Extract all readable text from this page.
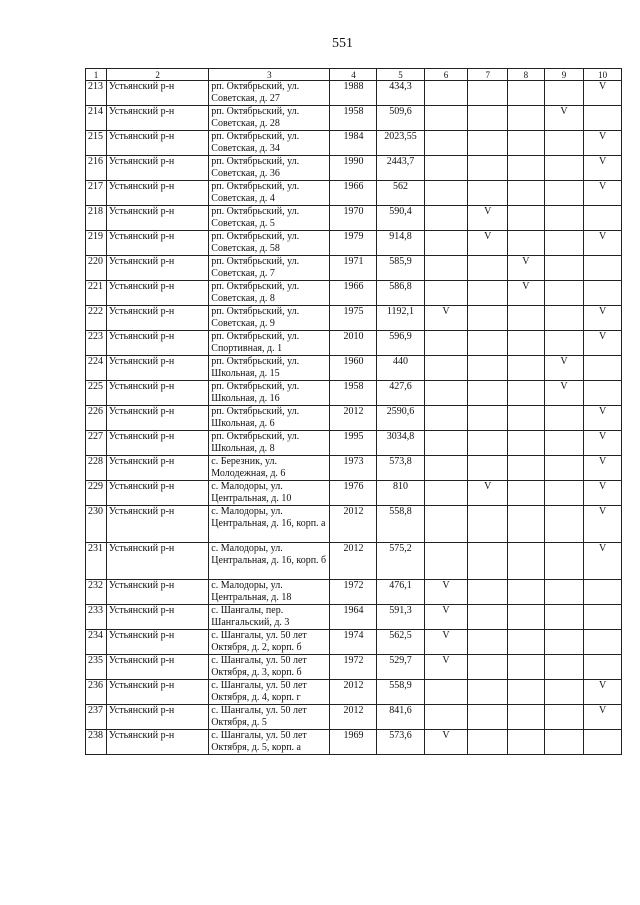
551
1	2	3	4	5	6	7	8	9	10
213	Устьянский р-н	рп. Октябрьский, ул. Советская, д. 27	1988	434,3					V
214	Устьянский р-н	рп. Октябрьский, ул. Советская, д. 28	1958	509,6				V	
215	Устьянский р-н	рп. Октябрьский, ул. Советская, д. 34	1984	2023,55					V
216	Устьянский р-н	рп. Октябрьский, ул. Советская, д. 36	1990	2443,7					V
217	Устьянский р-н	рп. Октябрьский, ул. Советская, д. 4	1966	562					V
218	Устьянский р-н	рп. Октябрьский, ул. Советская, д. 5	1970	590,4		V			
219	Устьянский р-н	рп. Октябрьский, ул. Советская, д. 58	1979	914,8		V			V
220	Устьянский р-н	рп. Октябрьский, ул. Советская, д. 7	1971	585,9			V		
221	Устьянский р-н	рп. Октябрьский, ул. Советская, д. 8	1966	586,8			V		
222	Устьянский р-н	рп. Октябрьский, ул. Советская, д. 9	1975	1192,1	V				V
223	Устьянский р-н	рп. Октябрьский, ул. Спортивная, д. 1	2010	596,9					V
224	Устьянский р-н	рп. Октябрьский, ул. Школьная, д. 15	1960	440				V	
225	Устьянский р-н	рп. Октябрьский, ул. Школьная, д. 16	1958	427,6				V	
226	Устьянский р-н	рп. Октябрьский, ул. Школьная, д. 6	2012	2590,6					V
227	Устьянский р-н	рп. Октябрьский, ул. Школьная, д. 8	1995	3034,8					V
228	Устьянский р-н	с. Березник, ул. Молодежная, д. 6	1973	573,8					V
229	Устьянский р-н	с. Малодоры, ул. Центральная, д. 10	1976	810		V			V
230	Устьянский р-н	с. Малодоры, ул. Центральная, д. 16, корп. а	2012	558,8					V
231	Устьянский р-н	с. Малодоры, ул. Центральная, д. 16, корп. б	2012	575,2					V
232	Устьянский р-н	с. Малодоры, ул. Центральная, д. 18	1972	476,1	V				
233	Устьянский р-н	с. Шангалы, пер. Шангальский, д. 3	1964	591,3	V				
234	Устьянский р-н	с. Шангалы, ул. 50 лет Октября, д. 2, корп. б	1974	562,5	V				
235	Устьянский р-н	с. Шангалы, ул. 50 лет Октября, д. 3, корп. б	1972	529,7	V				
236	Устьянский р-н	с. Шангалы, ул. 50 лет Октября, д. 4, корп. г	2012	558,9					V
237	Устьянский р-н	с. Шангалы, ул. 50 лет Октября, д. 5	2012	841,6					V
238	Устьянский р-н	с. Шангалы, ул. 50 лет Октября, д. 5, корп. а	1969	573,6	V				
